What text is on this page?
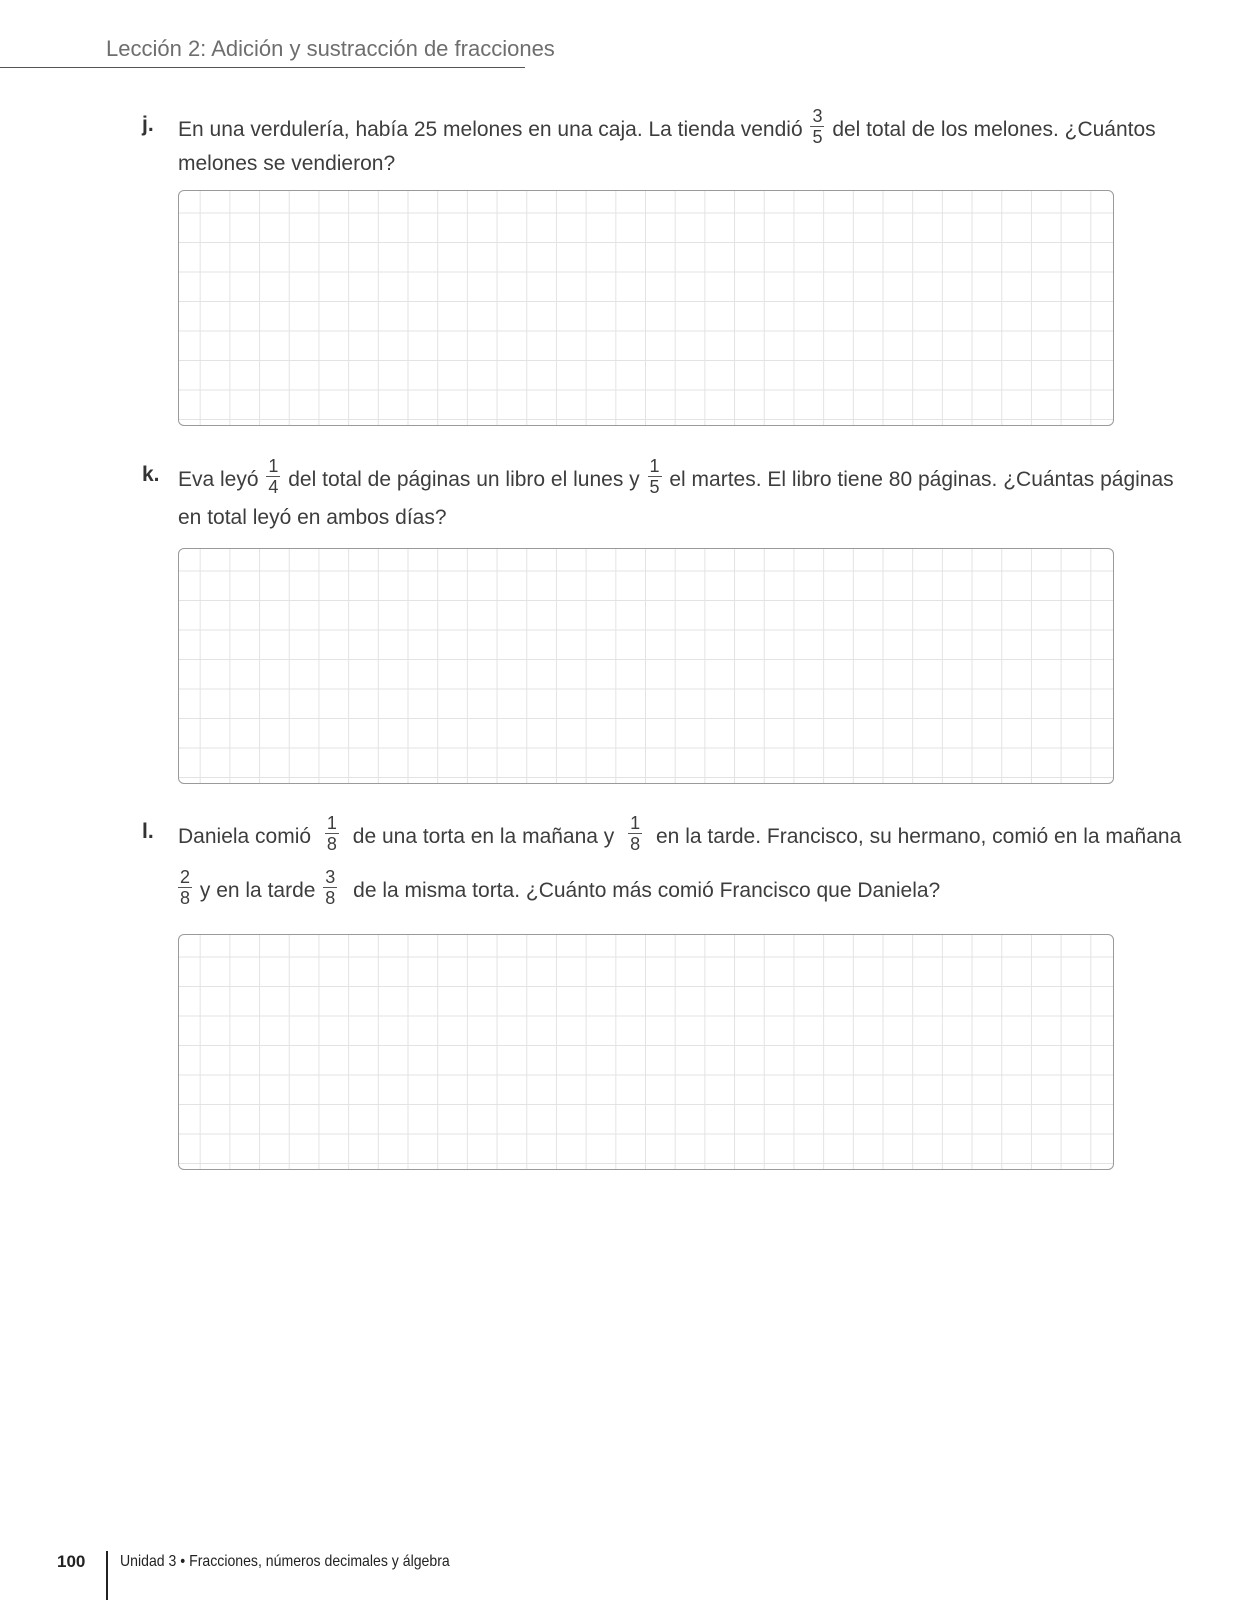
Lección 2: Adición y sustracción de fracciones
j. En una verdulería, había 25 melones en una caja. La tienda vendió $\frac{3}{5}$ del total de los melones. ¿Cuántos
melones se vendieron?
k. Eva leyó $\frac{1}{4}$ del total de páginas un libro el lunes y $\frac{1}{5}$ el martes. El libro tiene 80 páginas. ¿Cuántas páginas
en total leyó en ambos días?
l. Daniela comió $\frac{1}{8}$ de una torta en la mañana y $\frac{1}{8}$ en la tarde. Francisco, su hermano, comió en la mañana
$\frac{2}{8}$ y en la tarde $\frac{3}{8}$ de la misma torta. ¿Cuánto más comió Francisco que Daniela?
100 Unidad 3 • Fracciones, números decimales y álgebra
